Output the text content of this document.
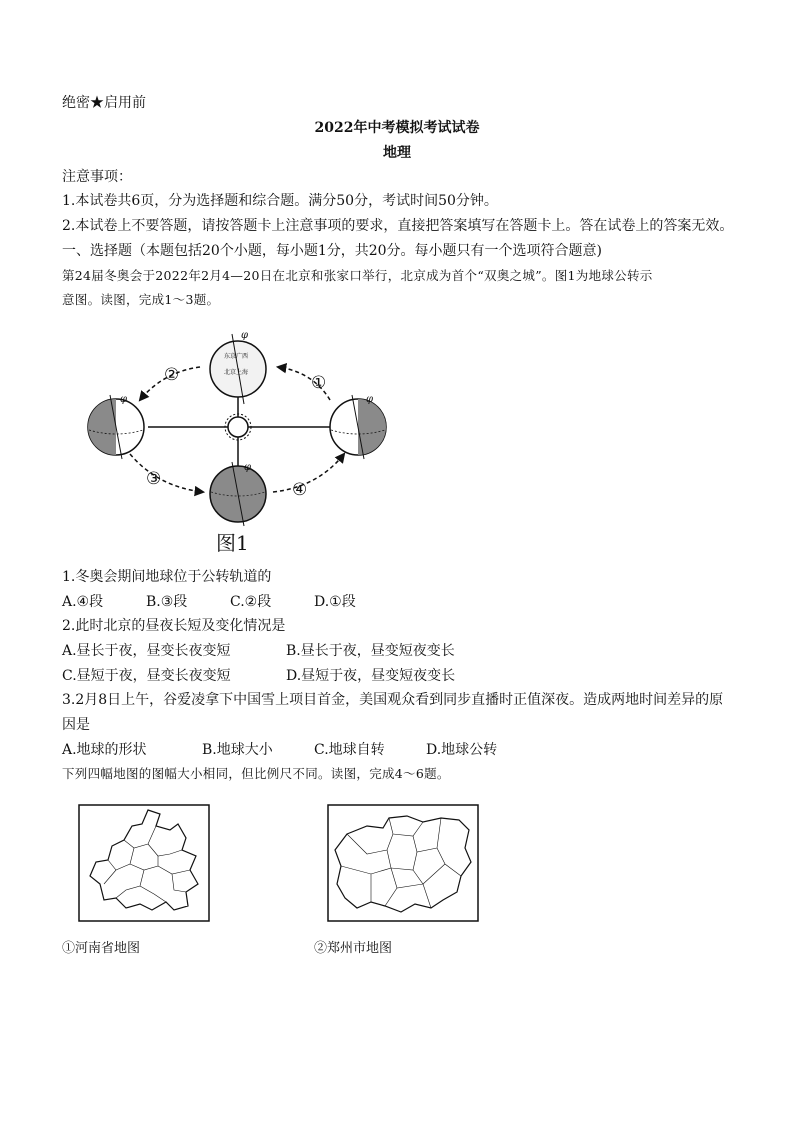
绝密★启用前
2022年中考模拟考试试卷
地理
注意事项：
1.本试卷共6页，分为选择题和综合题。满分50分，考试时间50分钟。
2.本试卷上不要答题，请按答题卡上注意事项的要求，直接把答案填写在答题卡上。答在试卷上的答案无效。
一、选择题（本题包括20个小题，每小题1分，共20分。每小题只有一个选项符合题意)
第24届冬奥会于2022年2月4—20日在北京和张家口举行，北京成为首个“双奥之城”。图1为地球公转示
意图。读图，完成1～3题。
东京广西
北京上海
φ
φ	φ
φ
①
②
③
④
图1
1.冬奥会期间地球位于公转轨道的
A.④段	B.③段	C.②段	D.①段
2.此时北京的昼夜长短及变化情况是
A.昼长于夜，昼变长夜变短	B.昼长于夜，昼变短夜变长
C.昼短于夜，昼变长夜变短	D.昼短于夜，昼变短夜变长
3.2月8日上午，谷爱凌拿下中国雪上项目首金，美国观众看到同步直播时正值深夜。造成两地时间差异的原
因是
A.地球的形状	B.地球大小	C.地球自转	D.地球公转
下列四幅地图的图幅大小相同，但比例尺不同。读图，完成4～6题。
①河南省地图	②郑州市地图
